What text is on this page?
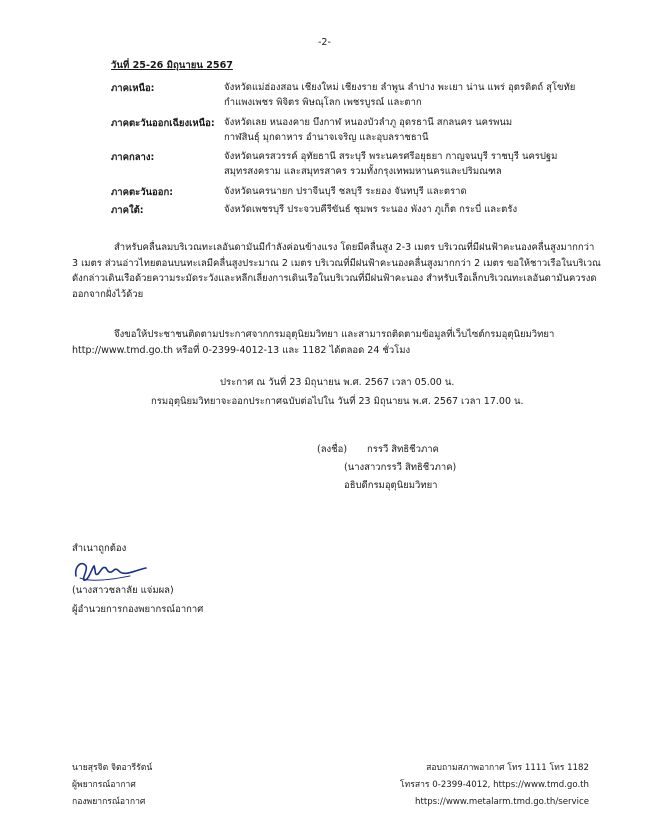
-2-
วันที่ 25-26 มิถุนายน 2567
ภาคเหนือ:	จังหวัดแม่ฮ่องสอน เชียงใหม่ เชียงราย ลำพูน ลำปาง พะเยา น่าน แพร่ อุตรดิตถ์ สุโขทัย
กำแพงเพชร พิจิตร พิษณุโลก เพชรบูรณ์ และตาก
ภาคตะวันออกเฉียงเหนือ: จังหวัดเลย หนองคาย บึงกาฬ หนองบัวลำภู อุดรธานี สกลนคร นครพนม
กาฬสินธุ์ มุกดาหาร อำนาจเจริญ และอุบลราชธานี
ภาคกลาง:	จังหวัดนครสวรรค์ อุทัยธานี สระบุรี พระนครศรีอยุธยา กาญจนบุรี ราชบุรี นครปฐม
สมุทรสงคราม และสมุทรสาคร รวมทั้งกรุงเทพมหานครและปริมณฑล
ภาคตะวันออก:	จังหวัดนครนายก ปราจีนบุรี ชลบุรี ระยอง จันทบุรี และตราด
ภาคใต้:	จังหวัดเพชรบุรี ประจวบคีรีขันธ์ ชุมพร ระนอง พังงา ภูเก็ต กระบี่ และตรัง
สำหรับคลื่นลมบริเวณทะเลอันดามันมีกำลังค่อนข้างแรง โดยมีคลื่นสูง 2-3 เมตร บริเวณที่มีฝนฟ้าคะนองคลื่นสูงมากกว่า
3 เมตร ส่วนอ่าวไทยตอนบนทะเลมีคลื่นสูงประมาณ 2 เมตร บริเวณที่มีฝนฟ้าคะนองคลื่นสูงมากกว่า 2 เมตร ขอให้ชาวเรือในบริเวณ
ดังกล่าวเดินเรือด้วยความระมัดระวังและหลีกเลี่ยงการเดินเรือในบริเวณที่มีฝนฟ้าคะนอง สำหรับเรือเล็กบริเวณทะเลอันดามันควรงด
ออกจากฝั่งไว้ด้วย
จึงขอให้ประชาชนติดตามประกาศจากกรมอุตุนิยมวิทยา และสามารถติดตามข้อมูลที่เว็บไซต์กรมอุตุนิยมวิทยา
http://www.tmd.go.th หรือที่ 0-2399-4012-13 และ 1182 ได้ตลอด 24 ชั่วโมง
ประกาศ ณ วันที่ 23 มิถุนายน พ.ศ. 2567 เวลา 05.00 น.
กรมอุตุนิยมวิทยาจะออกประกาศฉบับต่อไปใน วันที่ 23 มิถุนายน พ.ศ. 2567 เวลา 17.00 น.
(ลงชื่อ) กรรวี สิทธิชีวภาค
(นางสาวกรรวี สิทธิชีวภาค)
อธิบดีกรมอุตุนิยมวิทยา
สำเนาถูกต้อง
(นางสาวชลาลัย แจ่มผล)
ผู้อำนวยการกองพยากรณ์อากาศ
นายสุรจิต จิตอารีรัตน์
ผู้พยากรณ์อากาศ
กองพยากรณ์อากาศ
สอบถามสภาพอากาศ โทร 1111 โทร 1182
โทรสาร 0-2399-4012, https://www.tmd.go.th
https://www.metalarm.tmd.go.th/service
